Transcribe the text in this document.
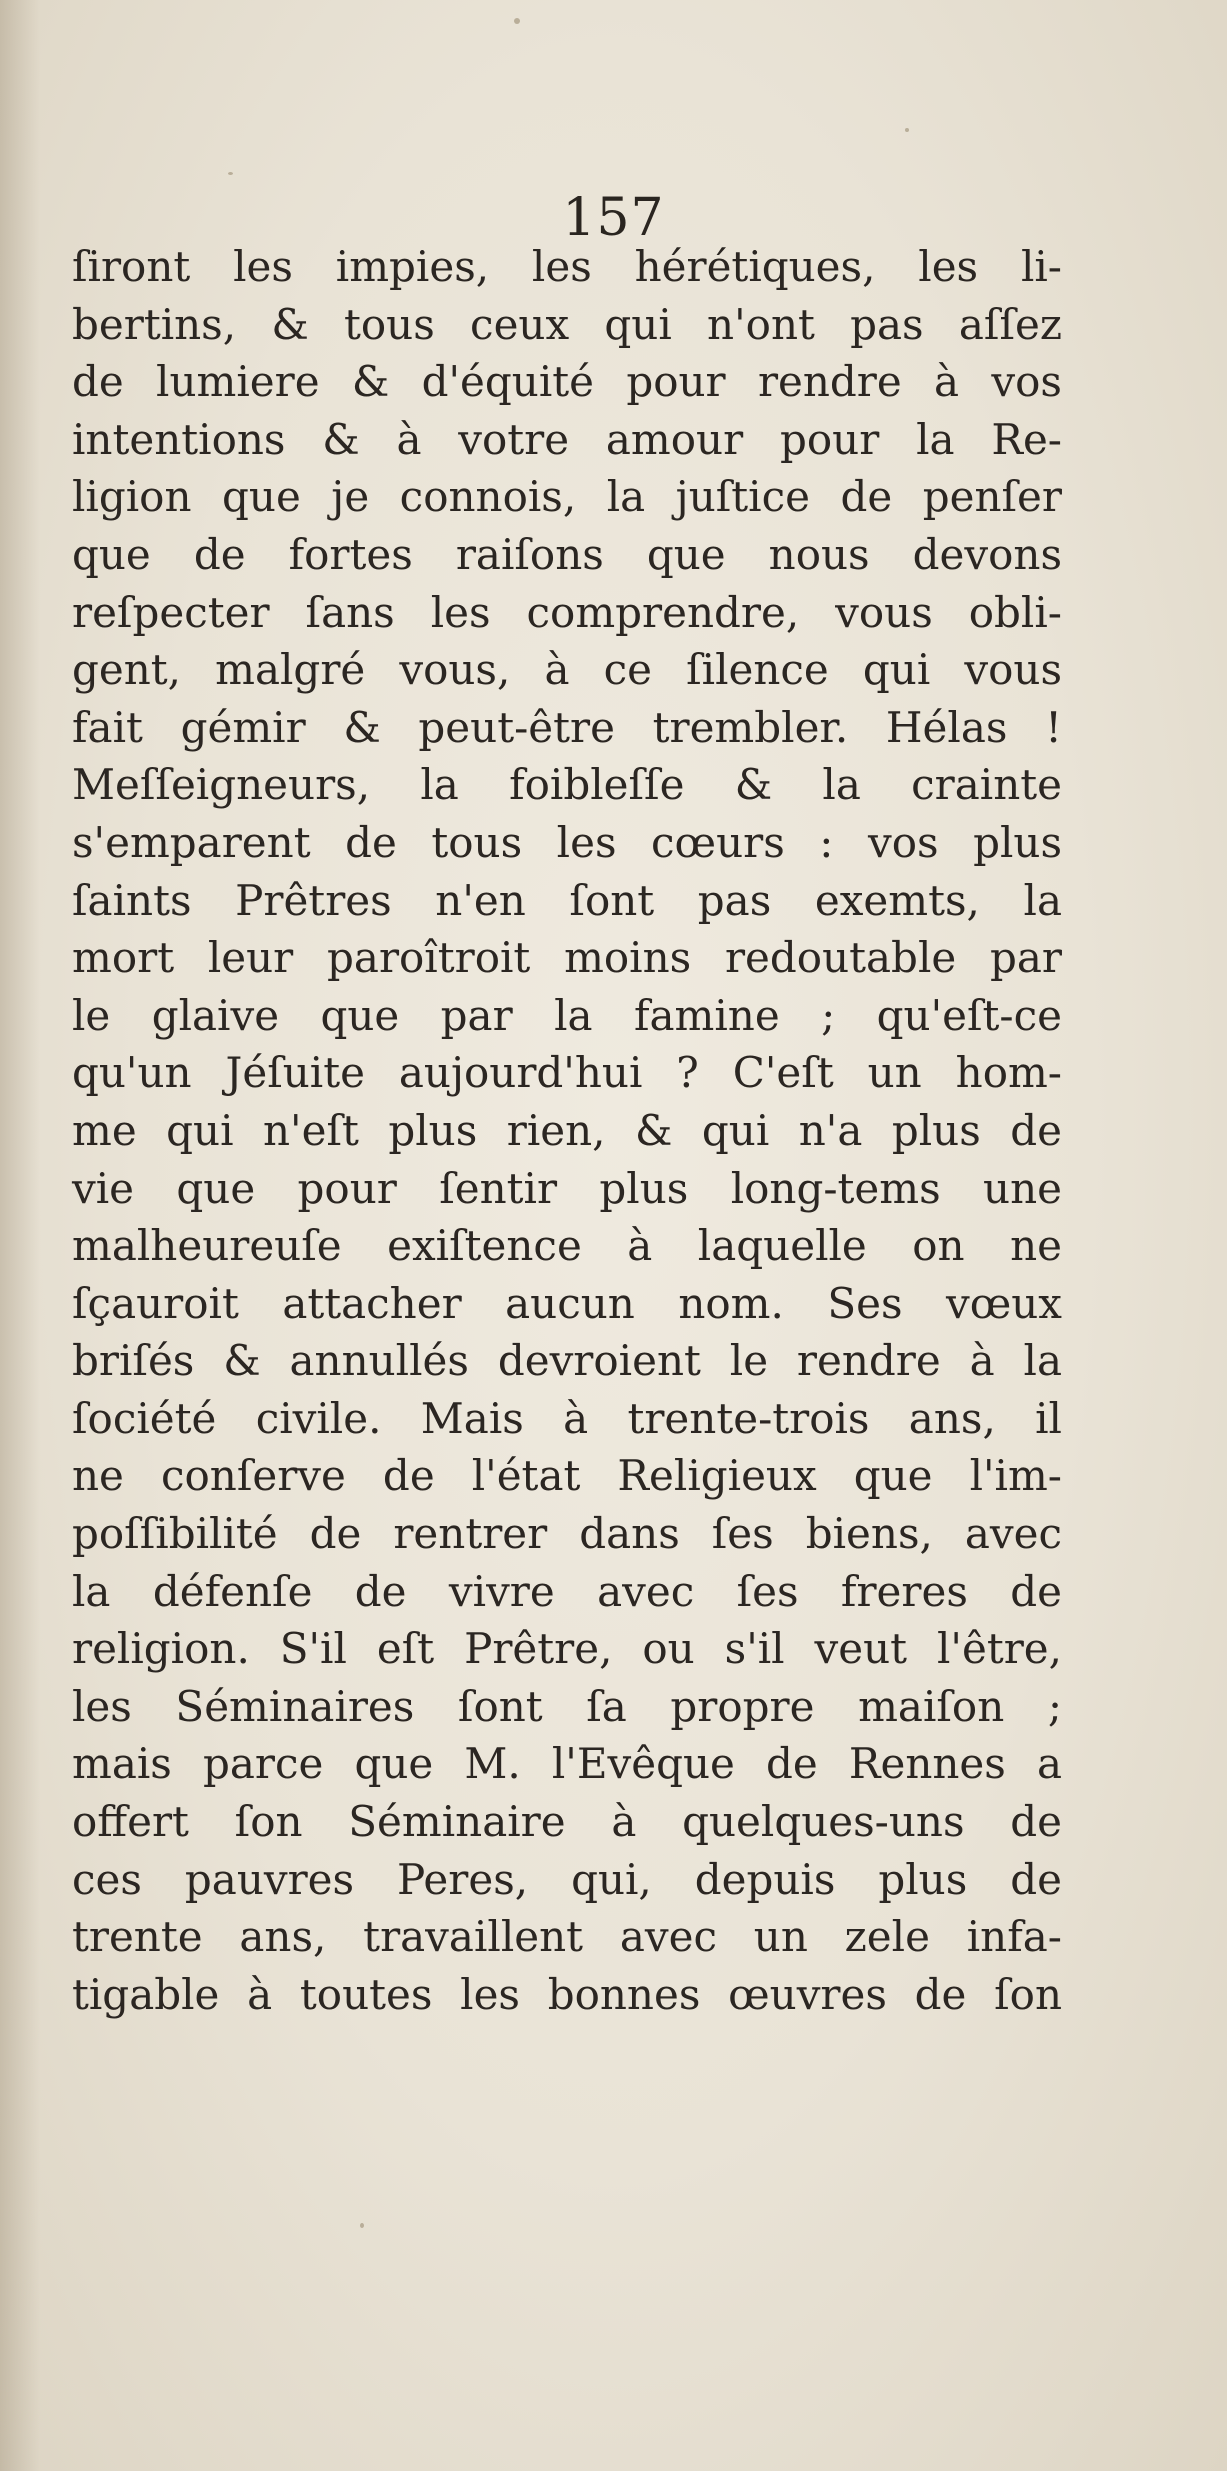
157
ſiront les impies, les hérétiques, les li-
bertins, & tous ceux qui n'ont pas aſſez
de lumiere & d'équité pour rendre à vos
intentions & à votre amour pour la Re-
ligion que je connois, la juſtice de penſer
que de fortes raiſons que nous devons
reſpecter ſans les comprendre, vous obli-
gent, malgré vous, à ce ſilence qui vous
fait gémir & peut-être trembler. Hélas !
Meſſeigneurs, la foibleſſe & la crainte
s'emparent de tous les cœurs : vos plus
ſaints Prêtres n'en ſont pas exemts, la
mort leur paroîtroit moins redoutable par
le glaive que par la famine ; qu'eſt-ce
qu'un Jéſuite aujourd'hui ? C'eſt un hom-
me qui n'eſt plus rien, & qui n'a plus de
vie que pour ſentir plus long-tems une
malheureuſe exiſtence à laquelle on ne
ſçauroit attacher aucun nom. Ses vœux
briſés & annullés devroient le rendre à la
ſociété civile. Mais à trente-trois ans, il
ne conſerve de l'état Religieux que l'im-
poſſibilité de rentrer dans ſes biens, avec
la défenſe de vivre avec ſes freres de
religion. S'il eſt Prêtre, ou s'il veut l'être,
les Séminaires ſont ſa propre maiſon ;
mais parce que M. l'Evêque de Rennes a
offert ſon Séminaire à quelques-uns de
ces pauvres Peres, qui, depuis plus de
trente ans, travaillent avec un zele infa-
tigable à toutes les bonnes œuvres de ſon
